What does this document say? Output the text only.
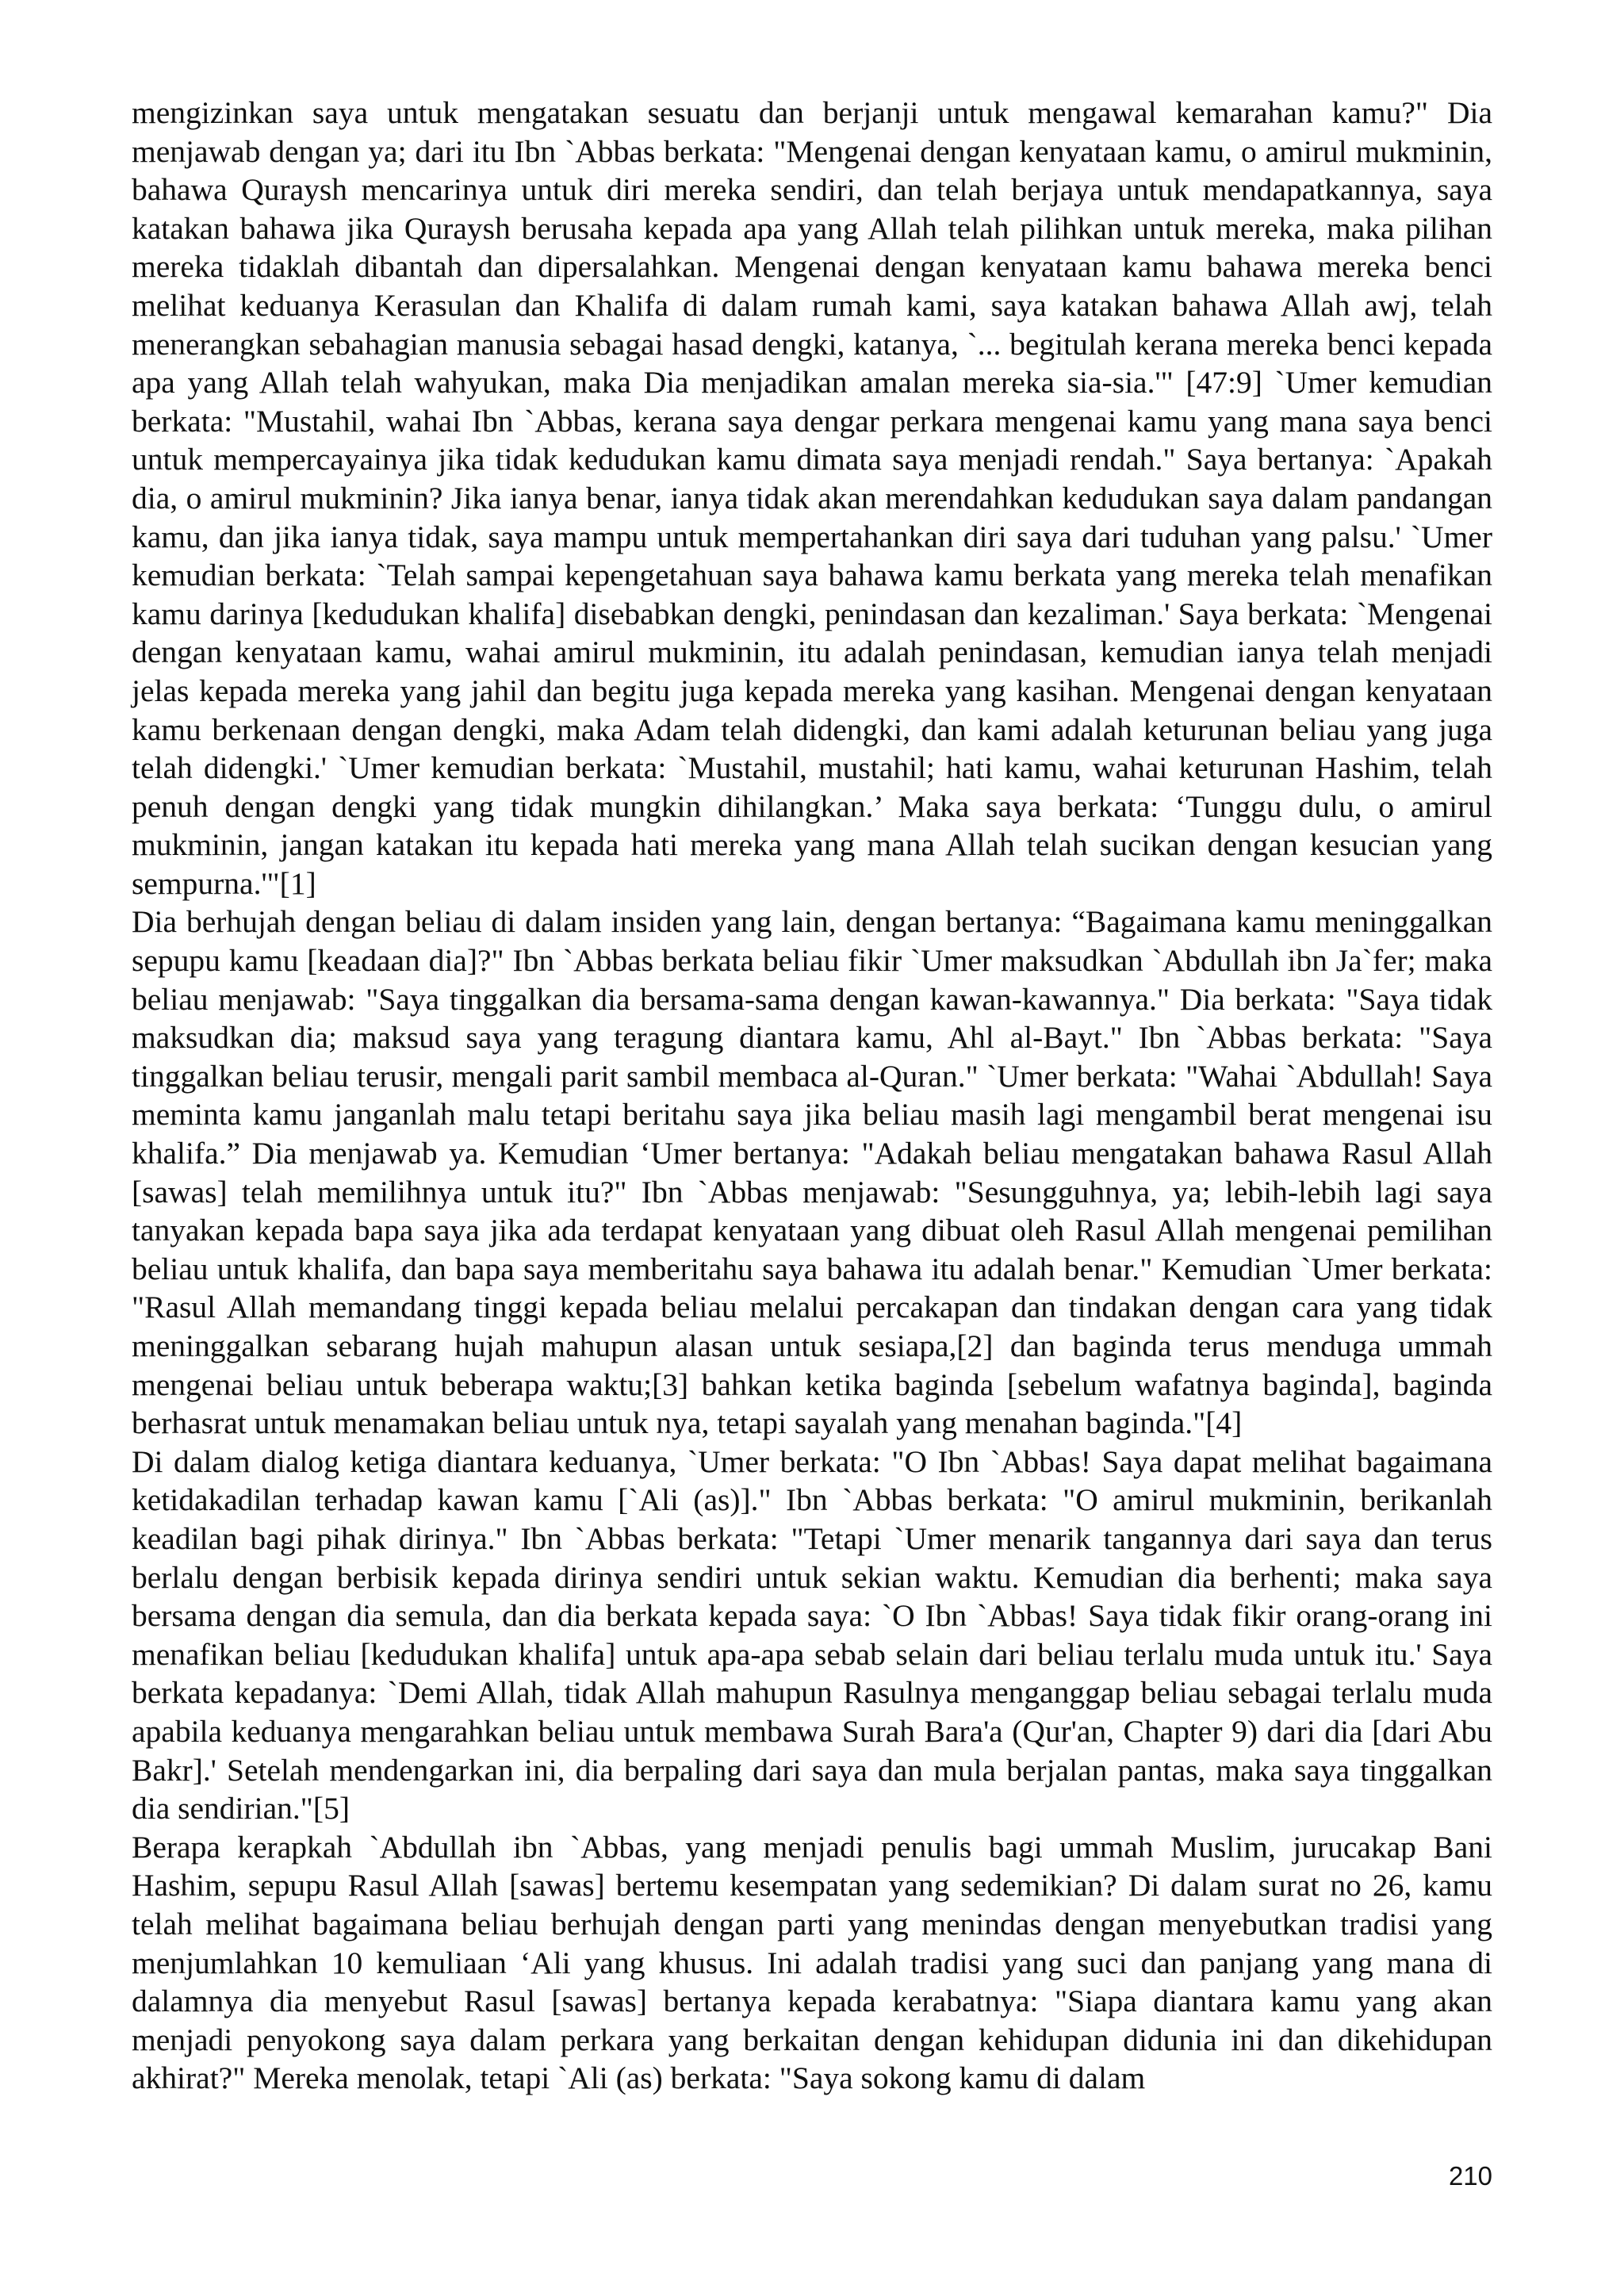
mengizinkan saya untuk mengatakan sesuatu dan berjanji untuk mengawal kemarahan kamu?" Dia menjawab dengan ya; dari itu Ibn `Abbas berkata: "Mengenai dengan kenyataan kamu, o amirul mukminin, bahawa Quraysh mencarinya untuk diri mereka sendiri, dan telah berjaya untuk mendapatkannya, saya katakan bahawa jika Quraysh berusaha kepada apa yang Allah telah pilihkan untuk mereka, maka pilihan mereka tidaklah dibantah dan dipersalahkan. Mengenai dengan kenyataan kamu bahawa mereka benci melihat keduanya Kerasulan dan Khalifa di dalam rumah kami, saya katakan bahawa Allah awj, telah menerangkan sebahagian manusia sebagai hasad dengki, katanya, `... begitulah kerana mereka benci kepada apa yang Allah telah wahyukan, maka Dia menjadikan amalan mereka sia-sia.'" [47:9] `Umer kemudian berkata: "Mustahil, wahai Ibn `Abbas, kerana saya dengar perkara mengenai kamu yang mana saya benci untuk mempercayainya jika tidak kedudukan kamu dimata saya menjadi rendah." Saya bertanya: `Apakah dia, o amirul mukminin? Jika ianya benar, ianya tidak akan merendahkan kedudukan saya dalam pandangan kamu, dan jika ianya tidak, saya mampu untuk mempertahankan diri saya dari tuduhan yang palsu.' `Umer kemudian berkata: `Telah sampai kepengetahuan saya bahawa kamu berkata yang mereka telah menafikan kamu darinya [kedudukan khalifa] disebabkan dengki, penindasan dan kezaliman.' Saya berkata: `Mengenai dengan kenyataan kamu, wahai amirul mukminin, itu adalah penindasan, kemudian ianya telah menjadi jelas kepada mereka yang jahil dan begitu juga kepada mereka yang kasihan. Mengenai dengan kenyataan kamu berkenaan dengan dengki, maka Adam telah didengki, dan kami adalah keturunan beliau yang juga telah didengki.' `Umer kemudian berkata: `Mustahil, mustahil; hati kamu, wahai keturunan Hashim, telah penuh dengan dengki yang tidak mungkin dihilangkan.’ Maka saya berkata: ‘Tunggu dulu, o amirul mukminin, jangan katakan itu kepada hati mereka yang mana Allah telah sucikan dengan kesucian yang sempurna.'"[1]

Dia berhujah dengan beliau di dalam insiden yang lain, dengan bertanya: “Bagaimana kamu meninggalkan sepupu kamu [keadaan dia]?" Ibn `Abbas berkata beliau fikir `Umer maksudkan `Abdullah ibn Ja`fer; maka beliau menjawab: "Saya tinggalkan dia bersama-sama dengan kawan-kawannya." Dia berkata: "Saya tidak maksudkan dia; maksud saya yang teragung diantara kamu, Ahl al-Bayt." Ibn `Abbas berkata: "Saya tinggalkan beliau terusir, mengali parit sambil membaca al-Quran." `Umer berkata: "Wahai `Abdullah! Saya meminta kamu janganlah malu tetapi beritahu saya jika beliau masih lagi mengambil berat mengenai isu khalifa.” Dia menjawab ya. Kemudian ‘Umer bertanya: "Adakah beliau mengatakan bahawa Rasul Allah [sawas] telah memilihnya untuk itu?" Ibn `Abbas menjawab: "Sesungguhnya, ya; lebih-lebih lagi saya tanyakan kepada bapa saya jika ada terdapat kenyataan yang dibuat oleh Rasul Allah mengenai pemilihan beliau untuk khalifa, dan bapa saya memberitahu saya bahawa itu adalah benar." Kemudian `Umer berkata: "Rasul Allah memandang tinggi kepada beliau melalui percakapan dan tindakan dengan cara yang tidak meninggalkan sebarang hujah mahupun alasan untuk sesiapa,[2] dan baginda terus menduga ummah mengenai beliau untuk beberapa waktu;[3] bahkan ketika baginda [sebelum wafatnya baginda], baginda berhasrat untuk menamakan beliau untuk nya, tetapi sayalah yang menahan baginda."[4]

Di dalam dialog ketiga diantara keduanya, `Umer berkata: "O Ibn `Abbas! Saya dapat melihat bagaimana ketidakadilan terhadap kawan kamu [`Ali (as)]." Ibn `Abbas berkata: "O amirul mukminin, berikanlah keadilan bagi pihak dirinya." Ibn `Abbas berkata: "Tetapi `Umer menarik tangannya dari saya dan terus berlalu dengan berbisik kepada dirinya sendiri untuk sekian waktu. Kemudian dia berhenti; maka saya bersama dengan dia semula, dan dia berkata kepada saya: `O Ibn `Abbas! Saya tidak fikir orang-orang ini menafikan beliau [kedudukan khalifa] untuk apa-apa sebab selain dari beliau terlalu muda untuk itu.' Saya berkata kepadanya: `Demi Allah, tidak Allah mahupun Rasulnya menganggap beliau sebagai terlalu muda apabila keduanya mengarahkan beliau untuk membawa Surah Bara'a (Qur'an, Chapter 9) dari dia [dari Abu Bakr].' Setelah mendengarkan ini, dia berpaling dari saya dan mula berjalan pantas, maka saya tinggalkan dia sendirian."[5]

Berapa kerapkah `Abdullah ibn `Abbas, yang menjadi penulis bagi ummah Muslim, jurucakap Bani Hashim, sepupu Rasul Allah [sawas] bertemu kesempatan yang sedemikian? Di dalam surat no 26, kamu telah melihat bagaimana beliau berhujah dengan parti yang menindas dengan menyebutkan tradisi yang menjumlahkan 10 kemuliaan ‘Ali yang khusus. Ini adalah tradisi yang suci dan panjang yang mana di dalamnya dia menyebut Rasul [sawas] bertanya kepada kerabatnya: "Siapa diantara kamu yang akan menjadi penyokong saya dalam perkara yang berkaitan dengan kehidupan didunia ini dan dikehidupan akhirat?" Mereka menolak, tetapi `Ali (as) berkata: "Saya sokong kamu di dalam

210
